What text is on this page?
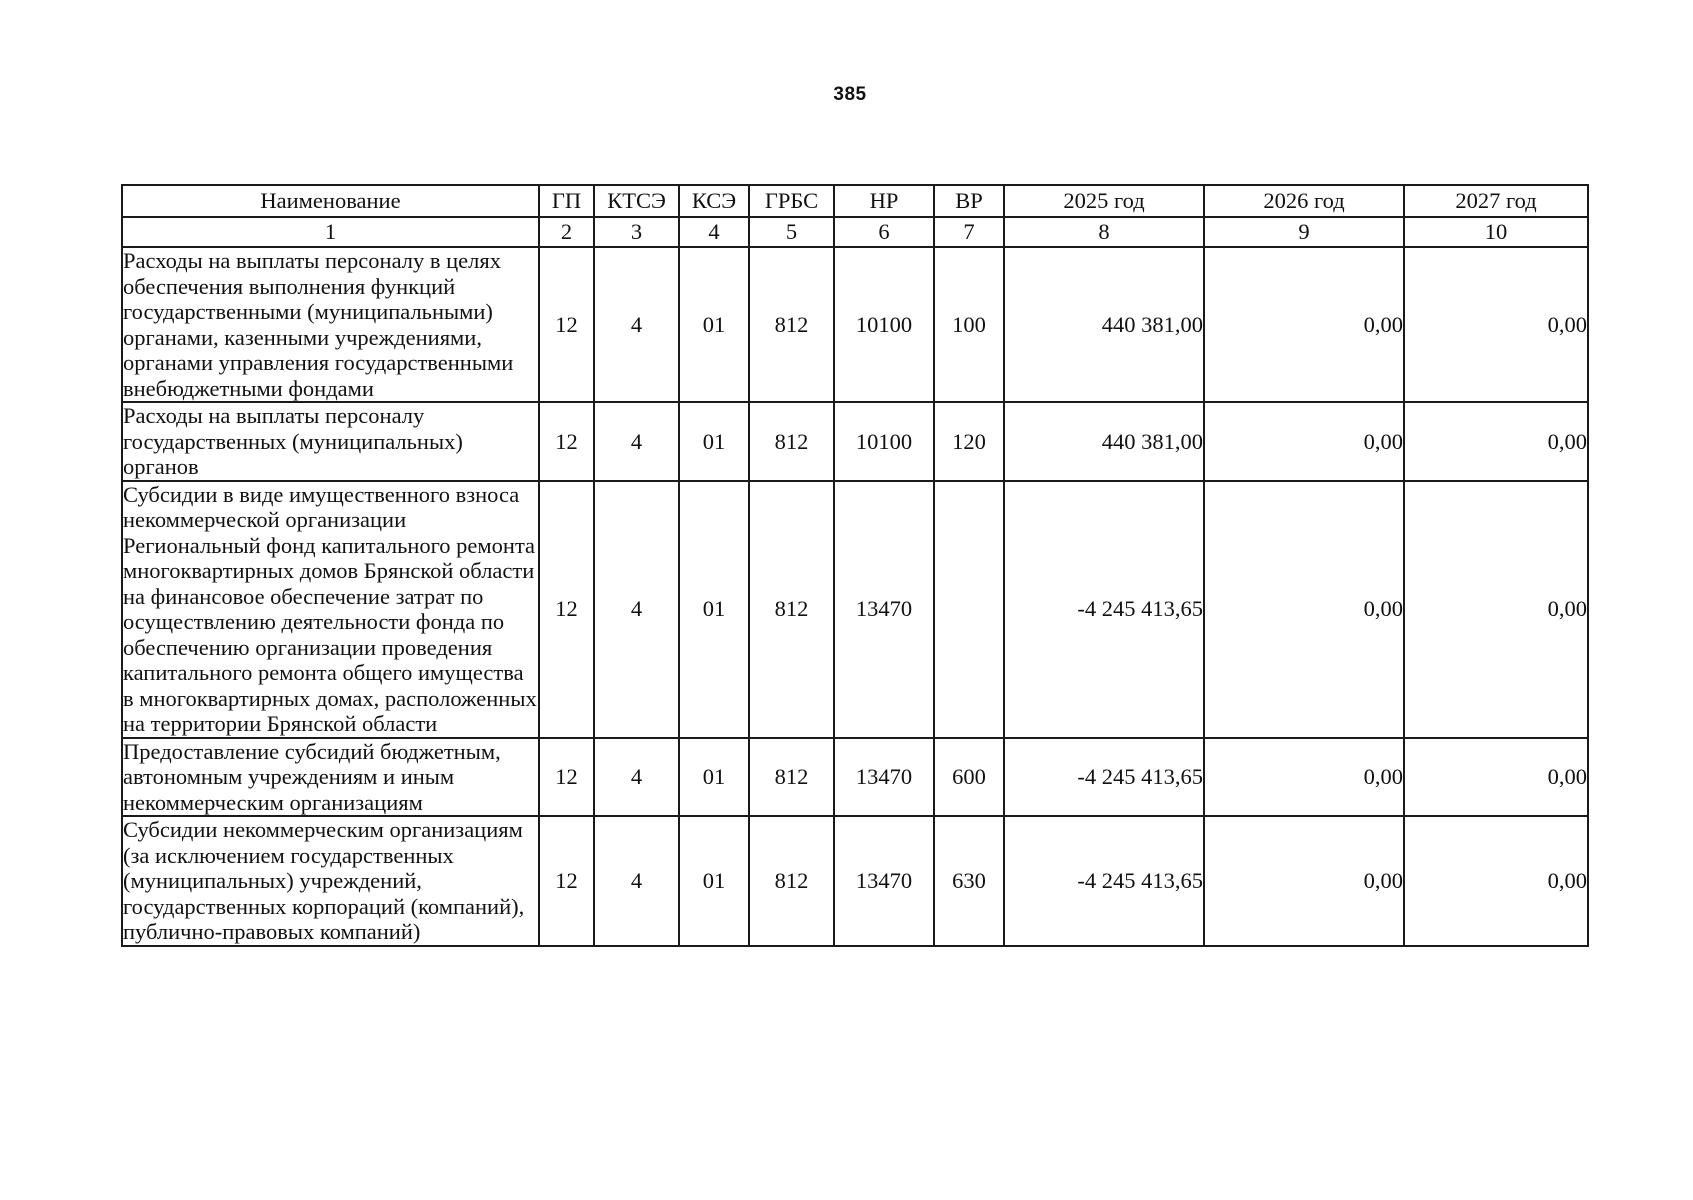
385
Наименование	ГП	КТСЭ	КСЭ	ГРБС	НР	ВР	2025 год	2026 год	2027 год
1	2	3	4	5	6	7	8	9	10
Расходы на выплаты персоналу в целях обеспечения выполнения функций государственными (муниципальными) органами, казенными учреждениями, органами управления государственными внебюджетными фондами	12	4	01	812	10100	100	440 381,00	0,00	0,00
Расходы на выплаты персоналу государственных (муниципальных) органов	12	4	01	812	10100	120	440 381,00	0,00	0,00
Субсидии в виде имущественного взноса некоммерческой организации Региональный фонд капитального ремонта многоквартирных домов Брянской области на финансовое обеспечение затрат по осуществлению деятельности фонда по обеспечению организации проведения капитального ремонта общего имущества в многоквартирных домах, расположенных на территории Брянской области	12	4	01	812	13470		-4 245 413,65	0,00	0,00
Предоставление субсидий бюджетным, автономным учреждениям и иным некоммерческим организациям	12	4	01	812	13470	600	-4 245 413,65	0,00	0,00
Субсидии некоммерческим организациям (за исключением государственных (муниципальных) учреждений, государственных корпораций (компаний), публично-правовых компаний)	12	4	01	812	13470	630	-4 245 413,65	0,00	0,00
